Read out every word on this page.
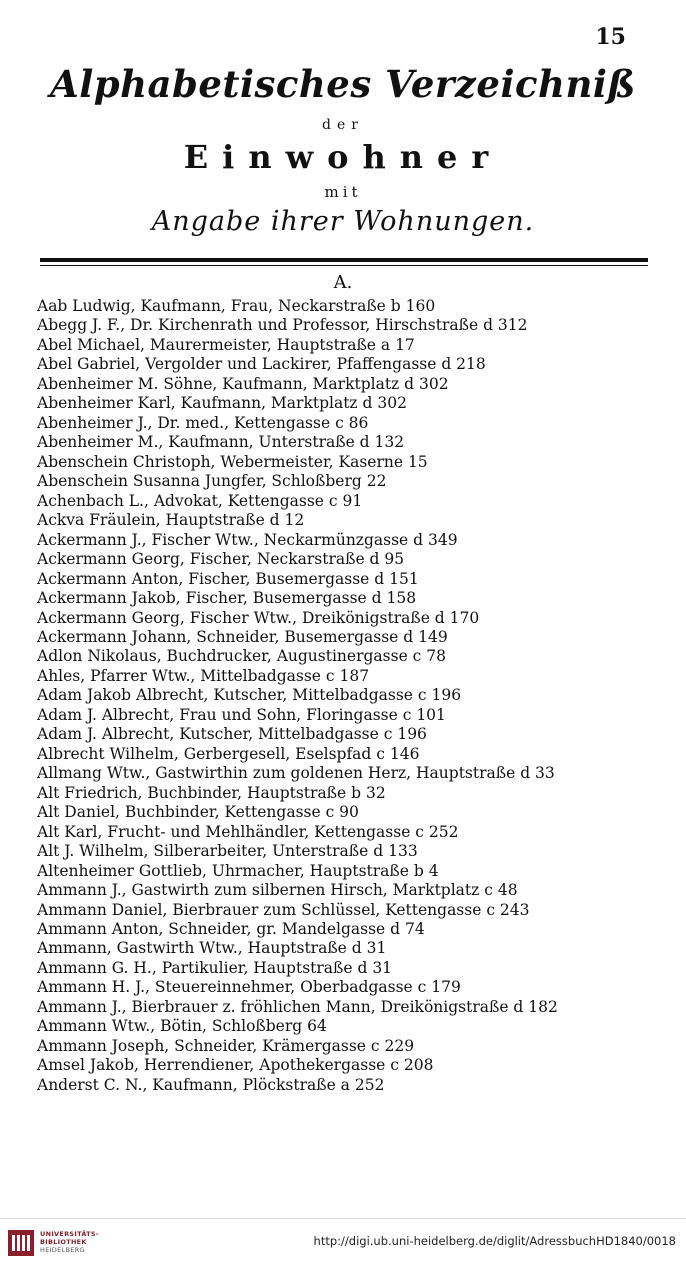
15
Alphabetisches Verzeichniß
der
Einwohner
mit
Angabe ihrer Wohnungen.
A.
Aab Ludwig, Kaufmann, Frau, Neckarstraße b 160
Abegg J. F., Dr. Kirchenrath und Professor, Hirschstraße d 312
Abel Michael, Maurermeister, Hauptstraße a 17
Abel Gabriel, Vergolder und Lackirer, Pfaffengasse d 218
Abenheimer M. Söhne, Kaufmann, Marktplatz d 302
Abenheimer Karl, Kaufmann, Marktplatz d 302
Abenheimer J., Dr. med., Kettengasse c 86
Abenheimer M., Kaufmann, Unterstraße d 132
Abenschein Christoph, Webermeister, Kaserne 15
Abenschein Susanna Jungfer, Schloßberg 22
Achenbach L., Advokat, Kettengasse c 91
Ackva Fräulein, Hauptstraße d 12
Ackermann J., Fischer Wtw., Neckarmünzgasse d 349
Ackermann Georg, Fischer, Neckarstraße d 95
Ackermann Anton, Fischer, Busemergasse d 151
Ackermann Jakob, Fischer, Busemergasse d 158
Ackermann Georg, Fischer Wtw., Dreikönigstraße d 170
Ackermann Johann, Schneider, Busemergasse d 149
Adlon Nikolaus, Buchdrucker, Augustinergasse c 78
Ahles, Pfarrer Wtw., Mittelbadgasse c 187
Adam Jakob Albrecht, Kutscher, Mittelbadgasse c 196
Adam J. Albrecht, Frau und Sohn, Floringasse c 101
Adam J. Albrecht, Kutscher, Mittelbadgasse c 196
Albrecht Wilhelm, Gerbergesell, Eselspfad c 146
Allmang Wtw., Gastwirthin zum goldenen Herz, Hauptstraße d 33
Alt Friedrich, Buchbinder, Hauptstraße b 32
Alt Daniel, Buchbinder, Kettengasse c 90
Alt Karl, Frucht- und Mehlhändler, Kettengasse c 252
Alt J. Wilhelm, Silberarbeiter, Unterstraße d 133
Altenheimer Gottlieb, Uhrmacher, Hauptstraße b 4
Ammann J., Gastwirth zum silbernen Hirsch, Marktplatz c 48
Ammann Daniel, Bierbrauer zum Schlüssel, Kettengasse c 243
Ammann Anton, Schneider, gr. Mandelgasse d 74
Ammann, Gastwirth Wtw., Hauptstraße d 31
Ammann G. H., Partikulier, Hauptstraße d 31
Ammann H. J., Steuereinnehmer, Oberbadgasse c 179
Ammann J., Bierbrauer z. fröhlichen Mann, Dreikönigstraße d 182
Ammann Wtw., Bötin, Schloßberg 64
Ammann Joseph, Schneider, Krämergasse c 229
Amsel Jakob, Herrendiener, Apothekergasse c 208
Anderst C. N., Kaufmann, Plöckstraße a 252
UNIVERSITÄTS-
BIBLIOTHEK
HEIDELBERG
http://digi.ub.uni-heidelberg.de/diglit/AdressbuchHD1840/0018
